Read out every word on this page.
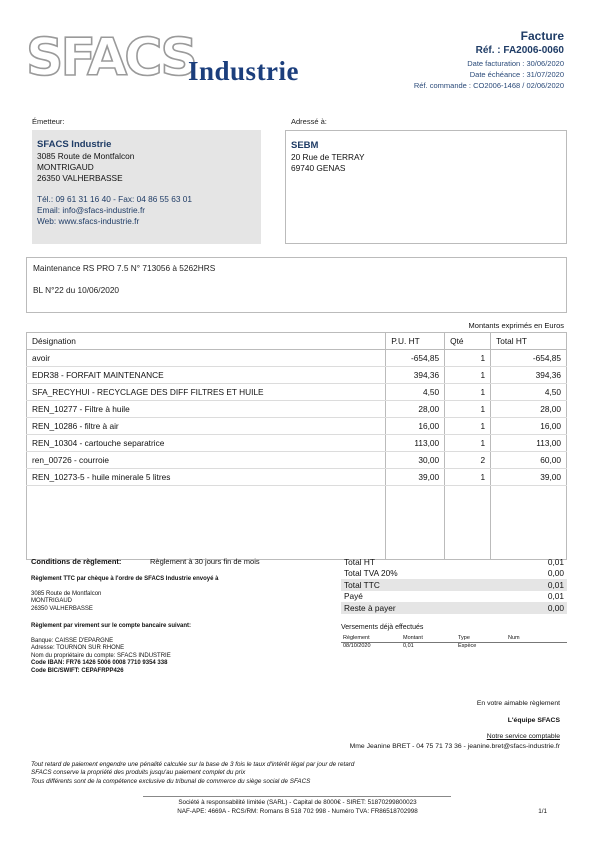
SFACS
Industrie
Facture
Réf. : FA2006-0060
Date facturation : 30/06/2020
Date échéance : 31/07/2020
Réf. commande : CO2006-1468 / 02/06/2020
Émetteur:
SFACS Industrie
3085 Route de Montfalcon
MONTRIGAUD
26350 VALHERBASSE
Tél.: 09 61 31 16 40 - Fax: 04 86 55 63 01
Email: info@sfacs-industrie.fr
Web: www.sfacs-industrie.fr
Adressé à:
SEBM
20 Rue de TERRAY
69740 GENAS
Maintenance RS PRO 7.5 N° 713056 à 5262HRS
BL N°22 du 10/06/2020
Montants exprimés en Euros
Désignation	P.U. HT	Qté	Total HT
avoir	-654,85	1	-654,85
EDR38 - FORFAIT MAINTENANCE	394,36	1	394,36
SFA_RECYHUI - RECYCLAGE DES DIFF FILTRES ET HUILE	4,50	1	4,50
REN_10277 - Filtre à huile	28,00	1	28,00
REN_10286 - filtre à air	16,00	1	16,00
REN_10304 - cartouche separatrice	113,00	1	113,00
ren_00726 - courroie	30,00	2	60,00
REN_10273-5 - huile minerale 5 litres	39,00	1	39,00

Conditions de règlement:	Règlement à 30 jours fin de mois
Règlement TTC par chèque à l'ordre de SFACS Industrie envoyé à
3085 Route de Montfalcon
MONTRIGAUD
26350 VALHERBASSE
Règlement par virement sur le compte bancaire suivant:
Banque: CAISSE D'EPARGNE
Adresse: TOURNON SUR RHONE
Nom du propriétaire du compte: SFACS INDUSTRIE
Code IBAN: FR76 1426 5006 0008 7710 9354 338
Code BIC/SWIFT: CEPAFRPP426
Total HT	0,01
Total TVA 20%	0,00
Total TTC	0,01
Payé	0,01
Reste à payer	0,00
Versements déjà effectués
Règlement	Montant	Type	Num
08/10/2020	0,01	Espèce	
En votre aimable règlement
L'équipe SFACS
Notre service comptable
Mme Jeanine BRET - 04 75 71 73 36 - jeanine.bret@sfacs-industrie.fr
Tout retard de paiement engendre une pénalité calculée sur la base de 3 fois le taux d'intérêt légal par jour de retard
SFACS conserve la propriété des produits jusqu'au paiement complet du prix
Tous différents sont de la compétence exclusive du tribunal de commerce du siège social de SFACS
Société à responsabilité limitée (SARL) - Capital de 8000€ - SIRET: 51870299800023
NAF-APE: 4669A - RCS/RM: Romans B 518 702 998 - Numéro TVA: FR86518702998	1/1
